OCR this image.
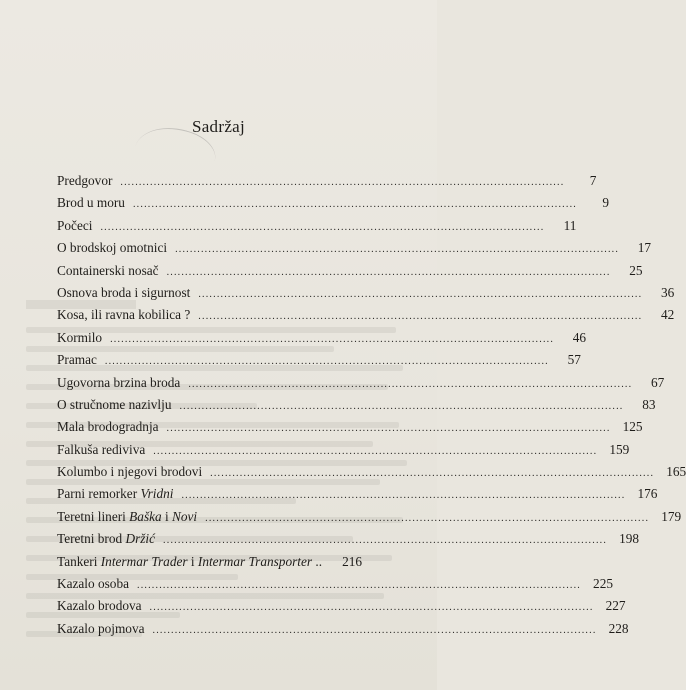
Sadržaj
Predgovor ........................................................................................................................	7
Brod u moru ........................................................................................................................	9
Počeci ........................................................................................................................	11
O brodskoj omotnici ........................................................................................................................	17
Containerski nosač ........................................................................................................................	25
Osnova broda i sigurnost ........................................................................................................................	36
Kosa, ili ravna kobilica ? ........................................................................................................................	42
Kormilo ........................................................................................................................	46
Pramac ........................................................................................................................	57
Ugovorna brzina broda ........................................................................................................................	67
O stručnome nazivlju ........................................................................................................................	83
Mala brodogradnja ........................................................................................................................ 125
Falkuša rediviva ........................................................................................................................ 159
Kolumbo i njegovi brodovi ........................................................................................................................ 165
Parni remorker Vridni ........................................................................................................................ 176
Teretni lineri Baška i Novi ........................................................................................................................ 179
Teretni brod Držić ........................................................................................................................ 198
Tankeri Intermar Trader i Intermar Transporter ..	216
Kazalo osoba ........................................................................................................................ 225
Kazalo brodova ........................................................................................................................ 227
Kazalo pojmova ........................................................................................................................ 228
